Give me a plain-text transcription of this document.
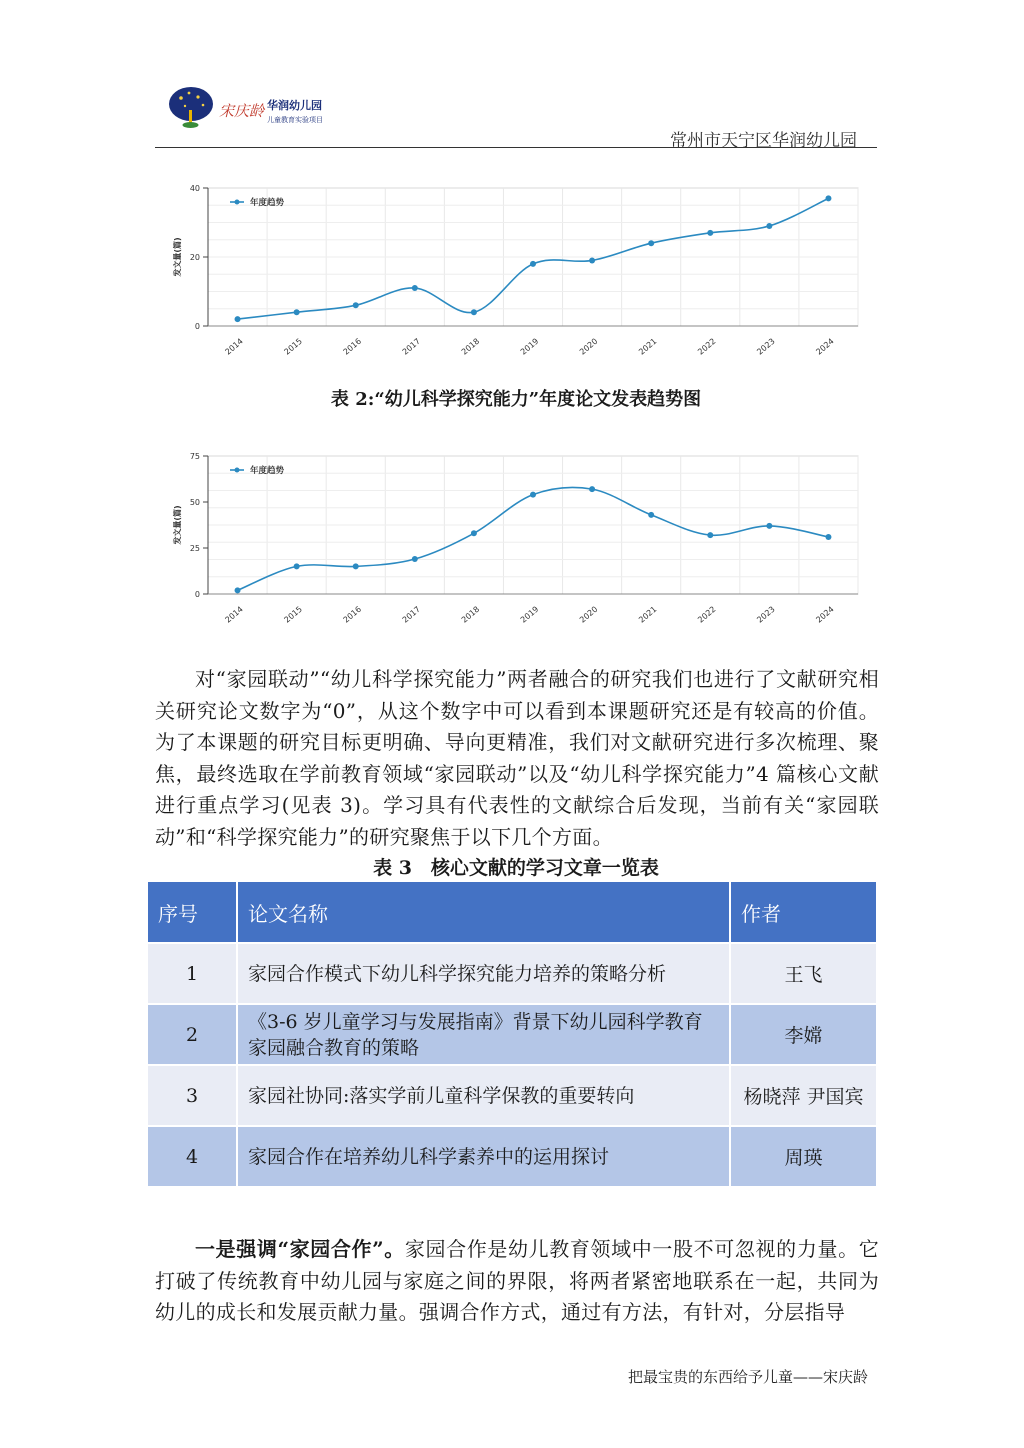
宋庆龄 华润幼儿园
儿童教育实验项目
常州市天宁区华润幼儿园
40
20
0
发文量(篇)
2014	2015	2016	2017	2018	2019	2020	2021	2022	2023	2024
年度趋势
表 2:“幼儿科学探究能力”年度论文发表趋势图
75
50
25
0
发文量(篇)
2014	2015	2016	2017	2018	2019	2020	2021	2022	2023	2024
年度趋势

对“家园联动”“幼儿科学探究能力”两者融合的研究我们也进行了文献研究相关研究论文数字为“0”，从这个数字中可以看到本课题研究还是有较高的价值。为了本课题的研究目标更明确、导向更精准，我们对文献研究进行多次梳理、聚焦，最终选取在学前教育领域“家园联动”以及“幼儿科学探究能力”4 篇核心文献进行重点学习(见表 3)。学习具有代表性的文献综合后发现，当前有关“家园联动”和“科学探究能力”的研究聚焦于以下几个方面。

表 3　核心文献的学习文章一览表
序号	论文名称	作者
1	家园合作模式下幼儿科学探究能力培养的策略分析	王飞
2	《3-6 岁儿童学习与发展指南》背景下幼儿园科学教育家园融合教育的策略	李嫦
3	家园社协同:落实学前儿童科学保教的重要转向	杨晓萍 尹国宾
4	家园合作在培养幼儿科学素养中的运用探讨	周瑛

一是强调“家园合作”。家园合作是幼儿教育领域中一股不可忽视的力量。它打破了传统教育中幼儿园与家庭之间的界限，将两者紧密地联系在一起，共同为幼儿的成长和发展贡献力量。强调合作方式，通过有方法，有针对，分层指导

把最宝贵的东西给予儿童——宋庆龄
